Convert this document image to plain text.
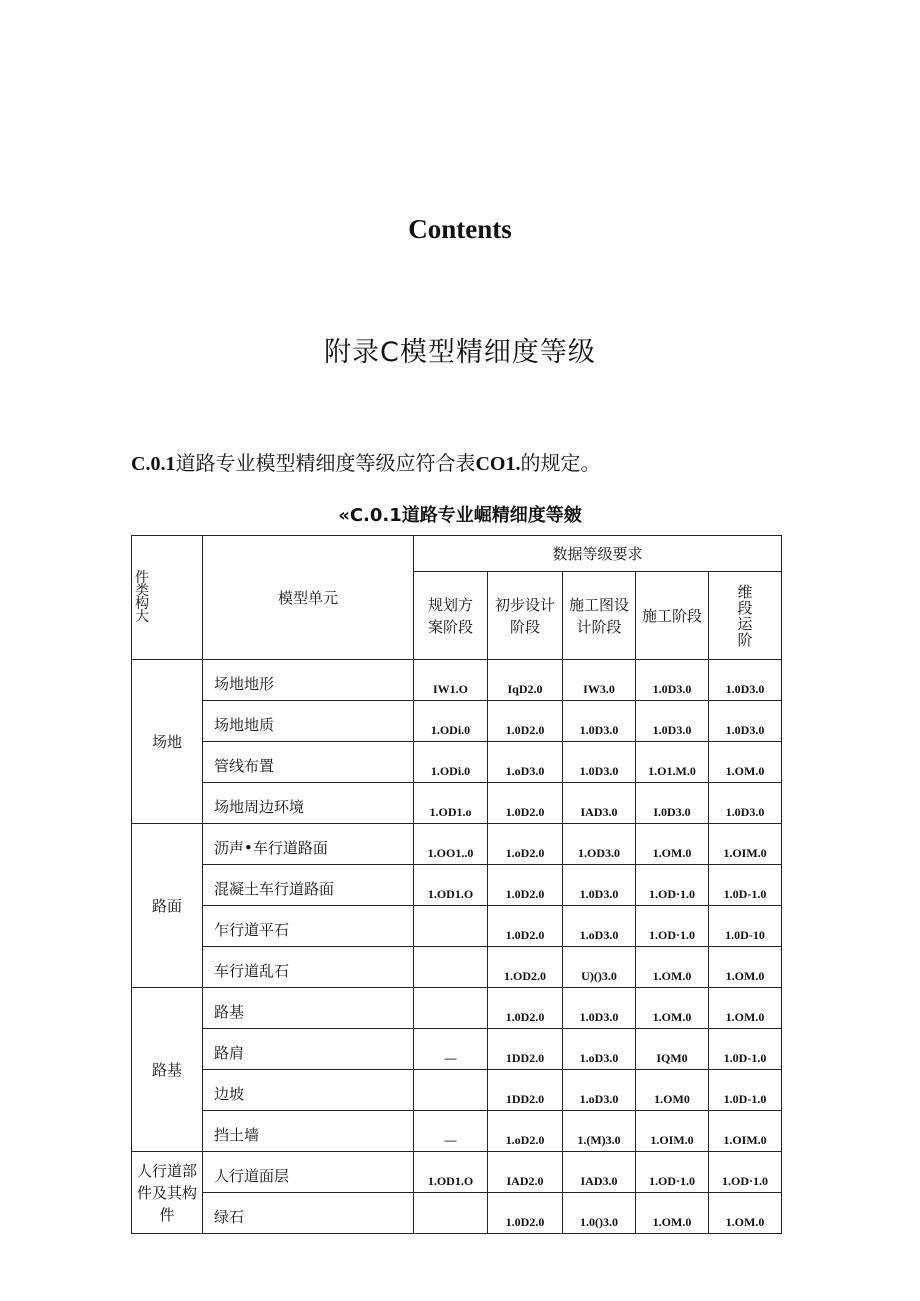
Contents
附录C模型精细度等级
C.0.1道路专业模型精细度等级应符合表CO1.的规定。
«C.0.1道路专业崛精细度等皴
件类构大	模型单元	数据等级要求				

		规划方案阶段	初步设计阶段	施工图设计阶段	施工阶段	维段运阶

场地	场地地形	IW1.O	IqD2.0	IW3.0	1.0D3.0	1.0D3.0
	场地地质	1.ODi.0	1.0D2.0	1.0D3.0	1.0D3.0	1.0D3.0
	管线布置	1.ODi.0	1.oD3.0	1.0D3.0	1.O1.M.0	1.OM.0
	场地周边环境	1.OD1.o	1.0D2.0	IAD3.0	I.0D3.0	1.0D3.0

路面	沥声•车行道路面	1.OO1..0	1.oD2.0	1.OD3.0	1.OM.0	1.OIM.0
	混凝土车行道路面	1.OD1.O	1.0D2.0	1.0D3.0	1.OD·1.0	1.0D-1.0
	乍行道平石		1.0D2.0	1.oD3.0	1.OD·1.0	1.0D-10
	车行道乱石		1.OD2.0	U)()3.0	1.OM.0	1.OM.0

路基	路基		1.0D2.0	1.0D3.0	1.OM.0	1.OM.0
	路肩	—	1DD2.0	1.oD3.0	IQM0	1.0D-1.0
	边坡		1DD2.0	1.oD3.0	1.OM0	1.0D-1.0
	挡土墙	—	1.oD2.0	1.(M)3.0	1.OIM.0	1.OIM.0

人行道部件及其构件	人行道面层	1.OD1.O	IAD2.0	IAD3.0	1.OD·1.0	1.OD·1.0
	绿石		1.0D2.0	1.0()3.0	1.OM.0	1.OM.0
